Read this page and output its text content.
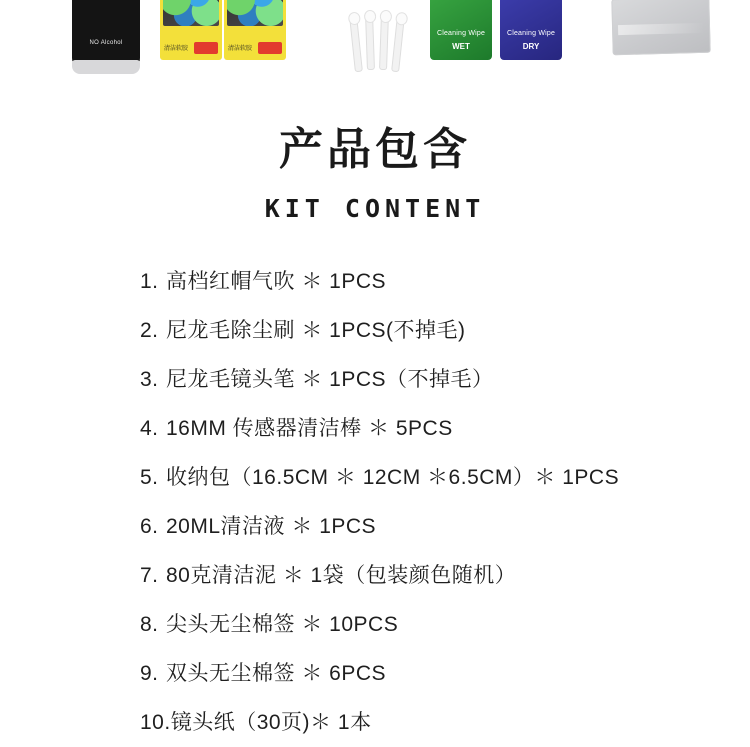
NO Alcohol
清洁软胶	清洁软胶
Cleaning Wipe
WET
Cleaning Wipe
DRY
产品包含
KIT CONTENT
1. 高档红帽气吹 ＊ 1PCS
2. 尼龙毛除尘刷 ＊ 1PCS(不掉毛)
3. 尼龙毛镜头笔 ＊ 1PCS（不掉毛）
4. 16MM 传感器清洁棒 ＊ 5PCS
5. 收纳包（16.5CM ＊ 12CM ＊6.5CM）＊ 1PCS
6. 20ML清洁液 ＊ 1PCS
7. 80克清洁泥 ＊ 1袋（包装颜色随机）
8. 尖头无尘棉签 ＊ 10PCS
9. 双头无尘棉签 ＊ 6PCS
10.镜头纸（30页)＊ 1本
